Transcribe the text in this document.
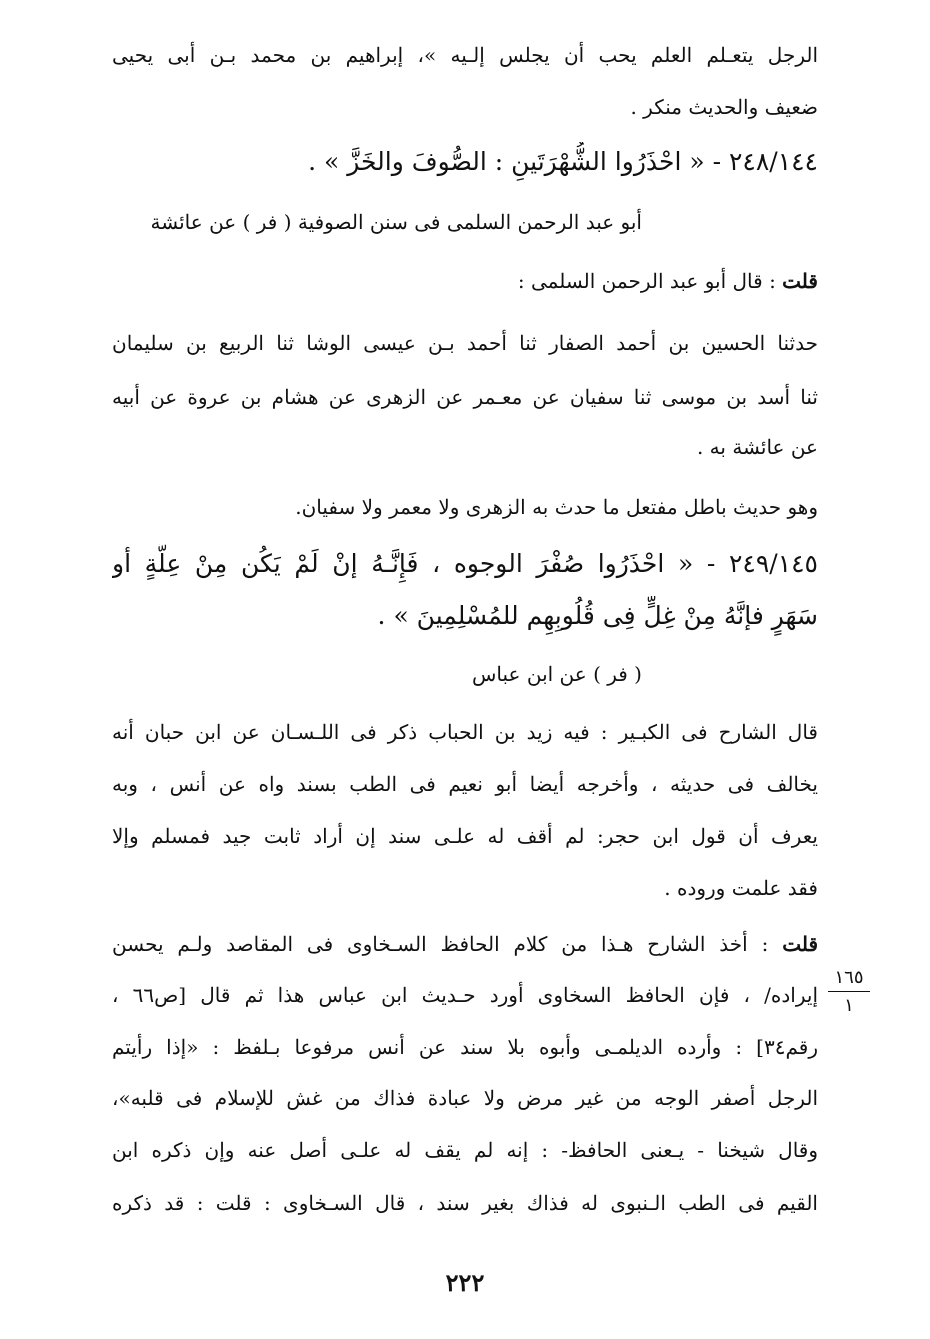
الرجل يتعـلم العلم يحب أن يجلس إلـيه »، إبراهيم بن محمد بـن أبى يحيى
ضعيف والحديث منكر .
٢٤٨/١٤٤ - « احْذَرُوا الشُّهْرَتَينِ : الصُّوفَ والخَزَّ » .
أبو عبد الرحمن السلمى فى سنن الصوفية ( فر ) عن عائشة
قلت : قال أبو عبد الرحمن السلمى :
حدثنا الحسين بن أحمد الصفار ثنا أحمد بـن عيسى الوشا ثنا الربيع بن سليمان
ثنا أسد بن موسى ثنا سفيان عن معـمر عن الزهرى عن هشام بن عروة عن أبيه
عن عائشة به .
وهو حديث باطل مفتعل ما حدث به الزهرى ولا معمر ولا سفيان.
٢٤٩/١٤٥ - « احْذَرُوا صُفْرَ الوجوه ، فَإِنَّـهُ إنْ لَمْ يَكُن مِنْ عِلَّةٍ أو
سَهَرٍ فإنَّهُ مِنْ غِلٍّ فِى قُلُوبِهِم للمُسْلِمِينَ » .
( فر ) عن ابن عباس
قال الشارح فى الكبـير : فيه زيد بن الحباب ذكر فى اللـسـان عن ابن حبان أنه
يخالف فى حديثه ، وأخرجه أيضا أبو نعيم فى الطب بسند واه عن أنس ، وبه
يعرف أن قول ابن حجر: لم أقف له علـى سند إن أراد ثابت جيد فمسلم وإلا
فقد علمت وروده .
قلت : أخذ الشارح هـذا من كلام الحافظ السـخاوى فى المقاصد ولـم يحسن
إيراده/ ، فإن الحافظ السخاوى أورد حـديث ابن عباس هذا ثم قال [ص٦٦ ،
رقم٣٤] : وأرده الديلمـى وأبوه بلا سند عن أنس مرفوعا بـلفظ : «إذا رأيتم
الرجل أصفر الوجه من غير مرض ولا عبادة فذاك من غش للإسلام فى قلبه»،
وقال شيخنا - يـعنى الحافظ- : إنه لم يقف له علـى أصل عنه وإن ذكره ابن
القيم فى الطب الـنبوى له فذاك بغير سند ، قال السـخاوى : قلت : قد ذكره
١٦٥
١
٢٢٢
